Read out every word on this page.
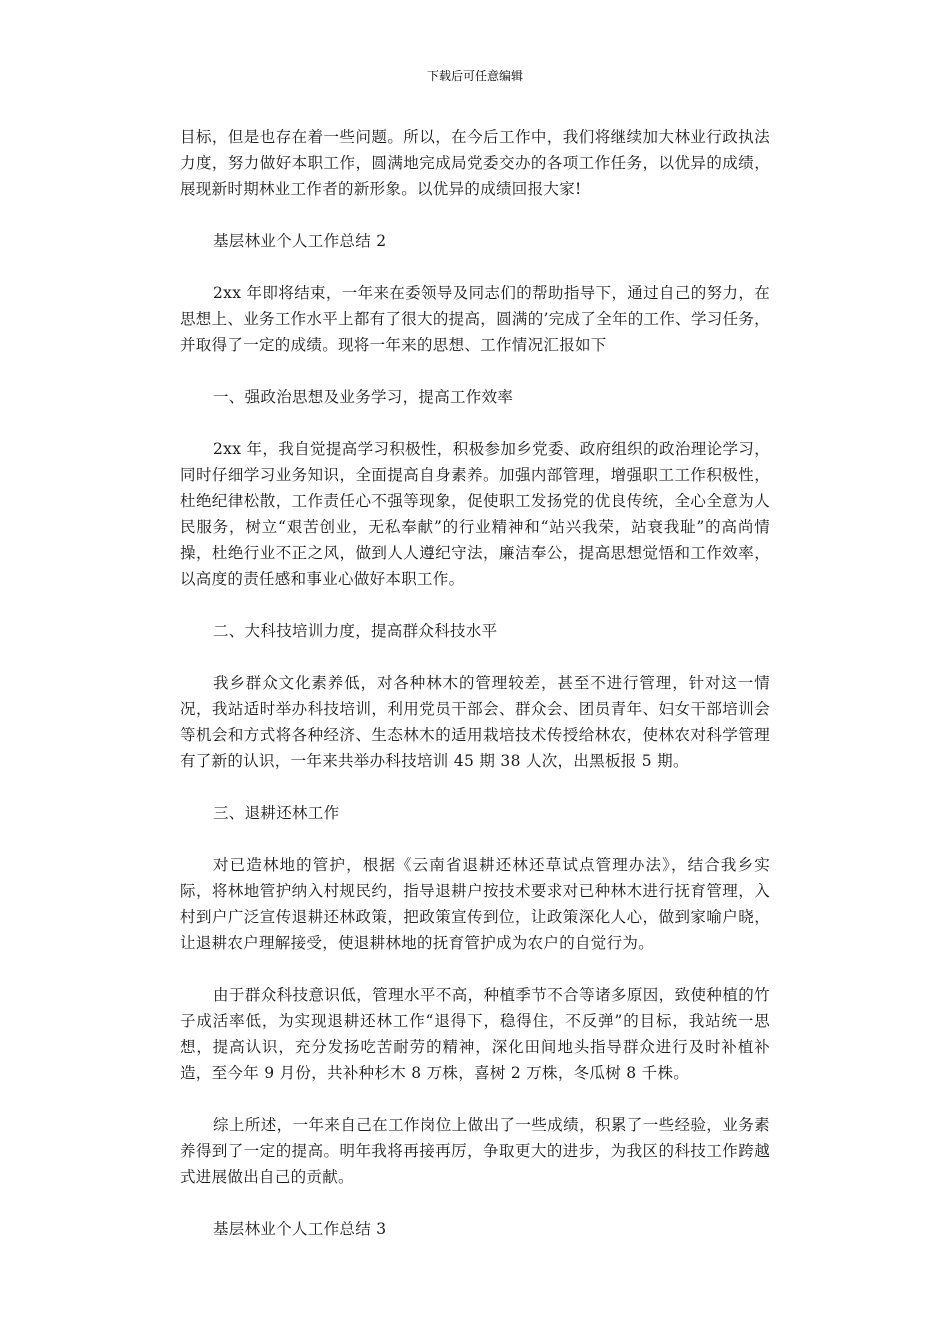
下载后可任意编辑

目标，但是也存在着一些问题。所以，在今后工作中，我们将继续加大林业行政执法力度，努力做好本职工作，圆满地完成局党委交办的各项工作任务，以优异的成绩，展现新时期林业工作者的新形象。以优异的成绩回报大家!

基层林业个人工作总结 2

2xx 年即将结束，一年来在委领导及同志们的帮助指导下，通过自己的努力，在思想上、业务工作水平上都有了很大的提高，圆满的’完成了全年的工作、学习任务，并取得了一定的成绩。现将一年来的思想、工作情况汇报如下

一、强政治思想及业务学习，提高工作效率

2xx 年，我自觉提高学习积极性，积极参加乡党委、政府组织的政治理论学习，同时仔细学习业务知识，全面提高自身素养。加强内部管理，增强职工工作积极性，杜绝纪律松散，工作责任心不强等现象，促使职工发扬党的优良传统，全心全意为人民服务，树立“艰苦创业，无私奉献”的行业精神和“站兴我荣，站衰我耻”的高尚情操，杜绝行业不正之风，做到人人遵纪守法，廉洁奉公，提高思想觉悟和工作效率，以高度的责任感和事业心做好本职工作。

二、大科技培训力度，提高群众科技水平

我乡群众文化素养低，对各种林木的管理较差，甚至不进行管理，针对这一情况，我站适时举办科技培训，利用党员干部会、群众会、团员青年、妇女干部培训会等机会和方式将各种经济、生态林木的适用栽培技术传授给林农，使林农对科学管理有了新的认识，一年来共举办科技培训 45 期 38 人次，出黑板报 5 期。

三、退耕还林工作

对已造林地的管护，根据《云南省退耕还林还草试点管理办法》，结合我乡实际，将林地管护纳入村规民约，指导退耕户按技术要求对已种林木进行抚育管理，入村到户广泛宣传退耕还林政策，把政策宣传到位，让政策深化人心，做到家喻户晓，让退耕农户理解接受，使退耕林地的抚育管护成为农户的自觉行为。

由于群众科技意识低，管理水平不高，种植季节不合等诸多原因，致使种植的竹子成活率低，为实现退耕还林工作“退得下，稳得住，不反弹”的目标，我站统一思想，提高认识，充分发扬吃苦耐劳的精神，深化田间地头指导群众进行及时补植补造，至今年 9 月份，共补种杉木 8 万株，喜树 2 万株，冬瓜树 8 千株。

综上所述，一年来自己在工作岗位上做出了一些成绩，积累了一些经验，业务素养得到了一定的提高。明年我将再接再厉，争取更大的进步，为我区的科技工作跨越式进展做出自己的贡献。

基层林业个人工作总结 3
